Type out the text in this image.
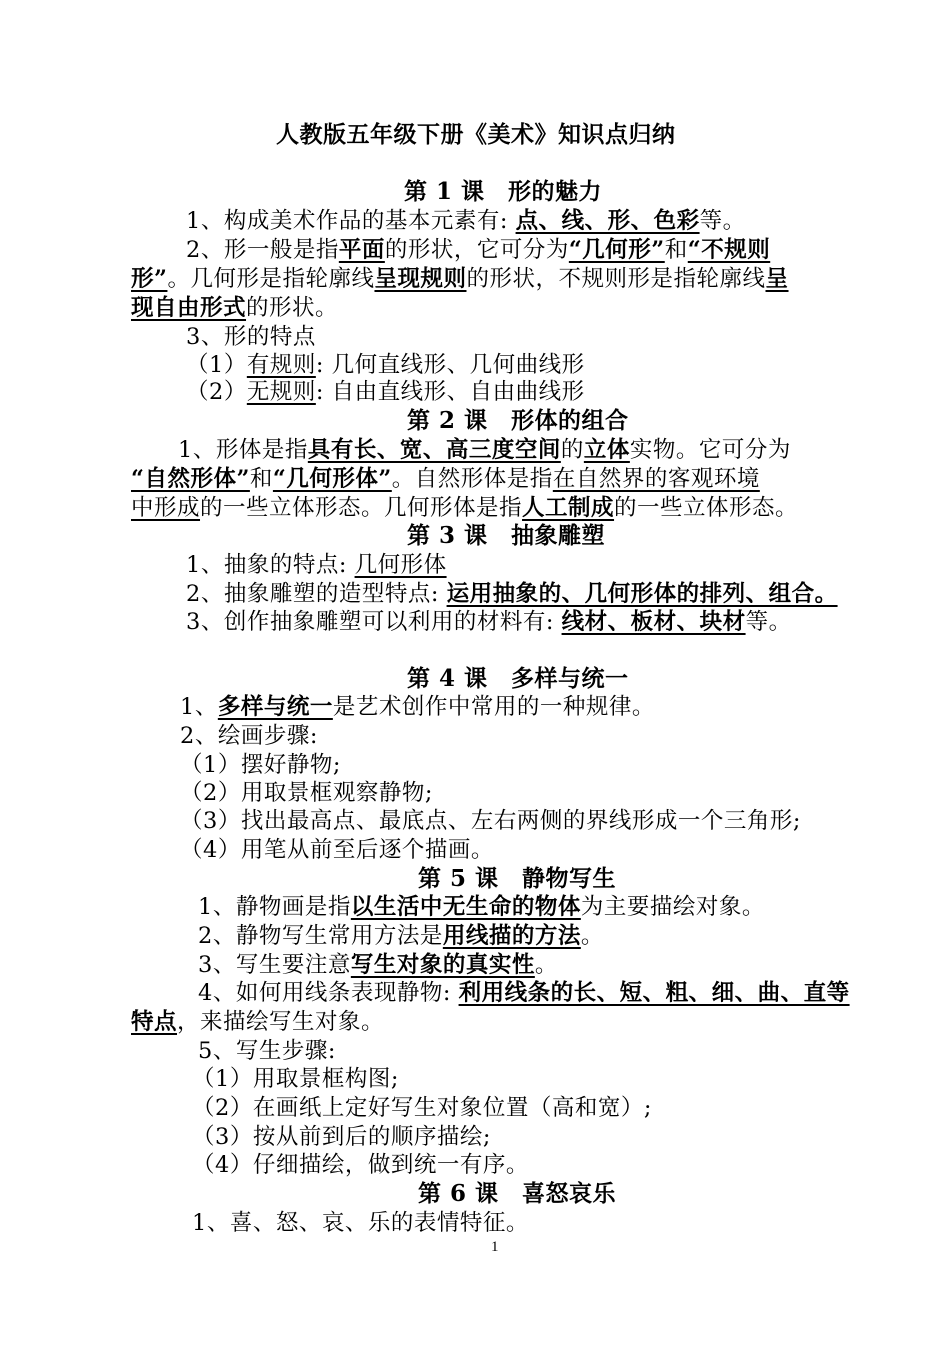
人教版五年级下册《美术》知识点归纳
第 1 课　形的魅力
1、构成美术作品的基本元素有: 点、线、形、色彩等。
2、形一般是指平面的形状，它可分为“几何形”和“不规则
形”。几何形是指轮廓线呈现规则的形状，不规则形是指轮廓线呈
现自由形式的形状。
3、形的特点
（1）有规则: 几何直线形、几何曲线形
（2）无规则: 自由直线形、自由曲线形
第 2 课　形体的组合
1、形体是指具有长、宽、高三度空间的立体实物。它可分为
“自然形体”和“几何形体”。自然形体是指在自然界的客观环境
中形成的一些立体形态。几何形体是指人工制成的一些立体形态。
第 3 课　抽象雕塑
1、抽象的特点: 几何形体
2、抽象雕塑的造型特点: 运用抽象的、几何形体的排列、组合。
3、创作抽象雕塑可以利用的材料有: 线材、板材、块材等。
第 4 课　多样与统一
1、多样与统一是艺术创作中常用的一种规律。
2、绘画步骤:
（1）摆好静物;
（2）用取景框观察静物;
（3）找出最高点、最底点、左右两侧的界线形成一个三角形;
（4）用笔从前至后逐个描画。
第 5 课　静物写生
1、静物画是指以生活中无生命的物体为主要描绘对象。
2、静物写生常用方法是用线描的方法。
3、写生要注意写生对象的真实性。
4、如何用线条表现静物: 利用线条的长、短、粗、细、曲、直等
特点，来描绘写生对象。
5、写生步骤:
（1）用取景框构图;
（2）在画纸上定好写生对象位置（高和宽）;
（3）按从前到后的顺序描绘;
（4）仔细描绘，做到统一有序。
第 6 课　喜怒哀乐
1、喜、怒、哀、乐的表情特征。
1
